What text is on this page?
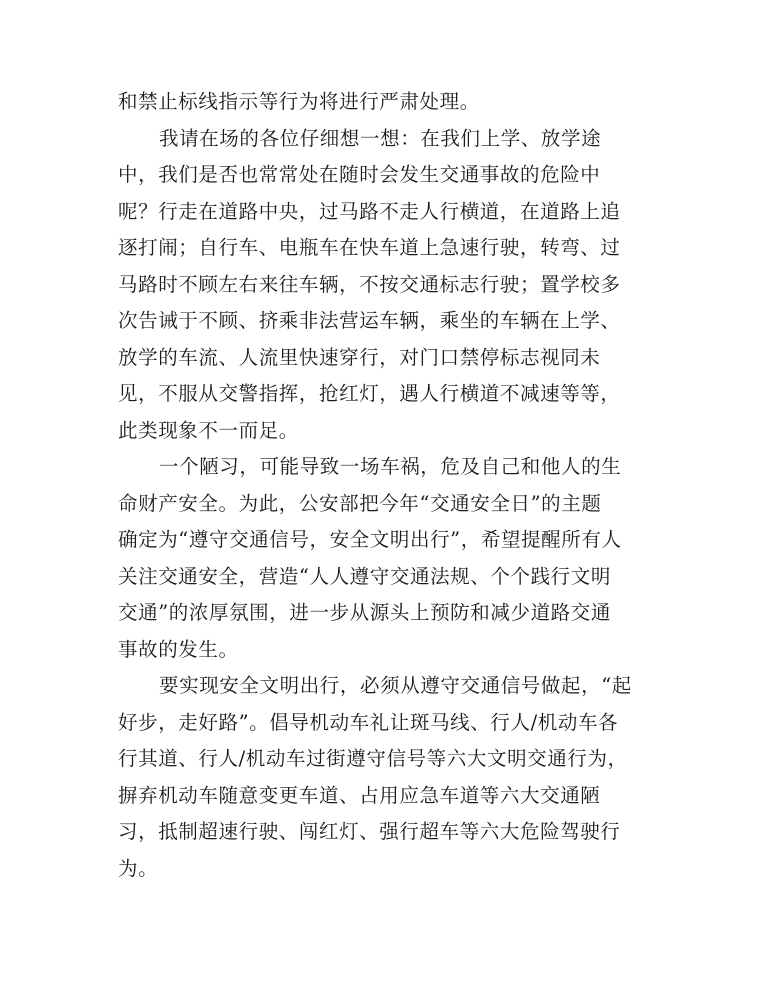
和禁止标线指示等行为将进行严肃处理。
我请在场的各位仔细想一想：在我们上学、放学途
中，我们是否也常常处在随时会发生交通事故的危险中
呢？行走在道路中央，过马路不走人行横道，在道路上追
逐打闹；自行车、电瓶车在快车道上急速行驶，转弯、过
马路时不顾左右来往车辆，不按交通标志行驶；置学校多
次告诫于不顾、挤乘非法营运车辆，乘坐的车辆在上学、
放学的车流、人流里快速穿行，对门口禁停标志视同未
见，不服从交警指挥，抢红灯，遇人行横道不减速等等，
此类现象不一而足。
一个陋习，可能导致一场车祸，危及自己和他人的生
命财产安全。为此，公安部把今年“交通安全日”的主题
确定为“遵守交通信号，安全文明出行”，希望提醒所有人
关注交通安全，营造“人人遵守交通法规、个个践行文明
交通”的浓厚氛围，进一步从源头上预防和减少道路交通
事故的发生。
要实现安全文明出行，必须从遵守交通信号做起，“起
好步，走好路”。倡导机动车礼让斑马线、行人/机动车各
行其道、行人/机动车过街遵守信号等六大文明交通行为，
摒弃机动车随意变更车道、占用应急车道等六大交通陋
习，抵制超速行驶、闯红灯、强行超车等六大危险驾驶行
为。
